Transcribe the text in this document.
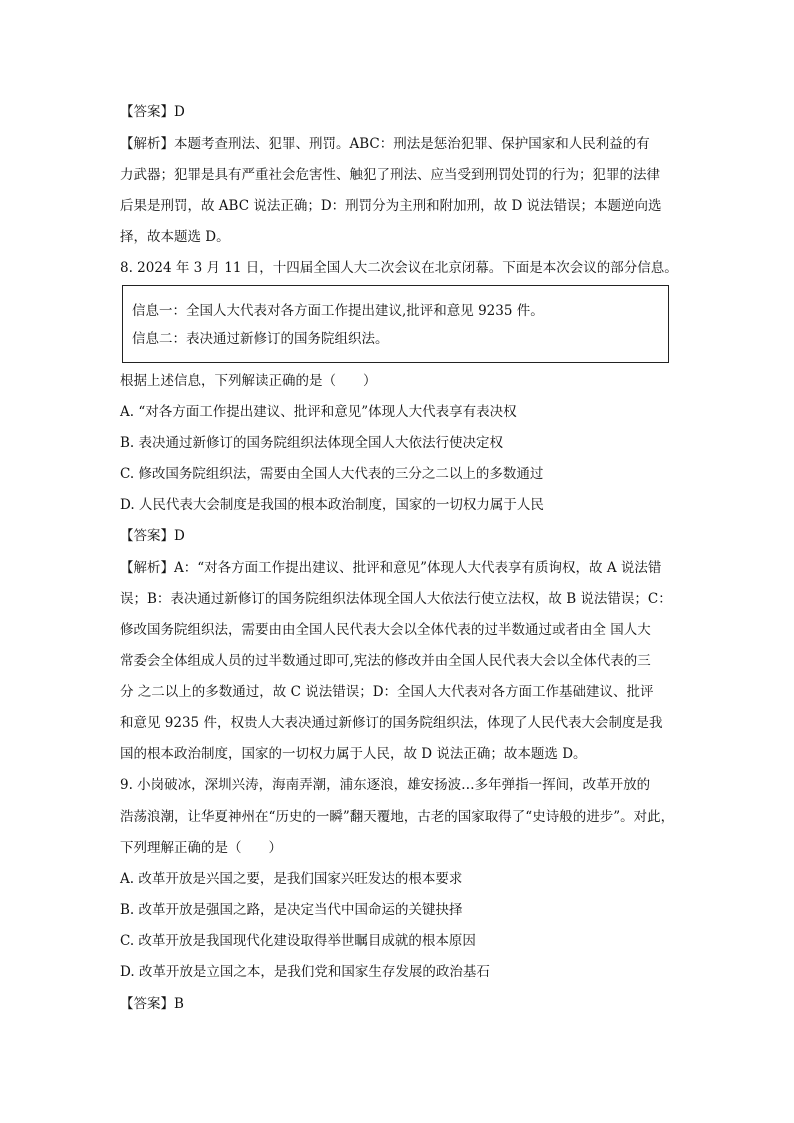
【答案】D
【解析】本题考查刑法、犯罪、刑罚。ABC：刑法是惩治犯罪、保护国家和人民利益的有
力武器；犯罪是具有严重社会危害性、触犯了刑法、应当受到刑罚处罚的行为；犯罪的法律
后果是刑罚，故 ABC 说法正确；D：刑罚分为主刑和附加刑，故 D 说法错误；本题逆向选
择，故本题选 D。
8. 2024 年 3 月 11 日，十四届全国人大二次会议在北京闭幕。下面是本次会议的部分信息。
信息一：全国人大代表对各方面工作提出建议,批评和意见 9235 件。
信息二：表决通过新修订的国务院组织法。
根据上述信息，下列解读正确的是（　　）
A. “对各方面工作提出建议、批评和意见”体现人大代表享有表决权
B. 表决通过新修订的国务院组织法体现全国人大依法行使决定权
C. 修改国务院组织法，需要由全国人大代表的三分之二以上的多数通过
D. 人民代表大会制度是我国的根本政治制度，国家的一切权力属于人民
【答案】D
【解析】A：“对各方面工作提出建议、批评和意见”体现人大代表享有质询权，故 A 说法错
误；B：表决通过新修订的国务院组织法体现全国人大依法行使立法权，故 B 说法错误；C：
修改国务院组织法，需要由由全国人民代表大会以全体代表的过半数通过或者由全 国人大
常委会全体组成人员的过半数通过即可,宪法的修改并由全国人民代表大会以全体代表的三
分 之二以上的多数通过，故 C 说法错误；D：全国人大代表对各方面工作基础建议、批评
和意见 9235 件，权贵人大表决通过新修订的国务院组织法，体现了人民代表大会制度是我
国的根本政治制度，国家的一切权力属于人民，故 D 说法正确；故本题选 D。
9. 小岗破冰，深圳兴涛，海南弄潮，浦东逐浪，雄安扬波…多年弹指一挥间，改革开放的
浩荡浪潮，让华夏神州在“历史的一瞬”翻天覆地，古老的国家取得了“史诗般的进步”。对此，
下列理解正确的是（　　）
A. 改革开放是兴国之要，是我们国家兴旺发达的根本要求
B. 改革开放是强国之路，是决定当代中国命运的关键抉择
C. 改革开放是我国现代化建设取得举世瞩目成就的根本原因
D. 改革开放是立国之本，是我们党和国家生存发展的政治基石
【答案】B
